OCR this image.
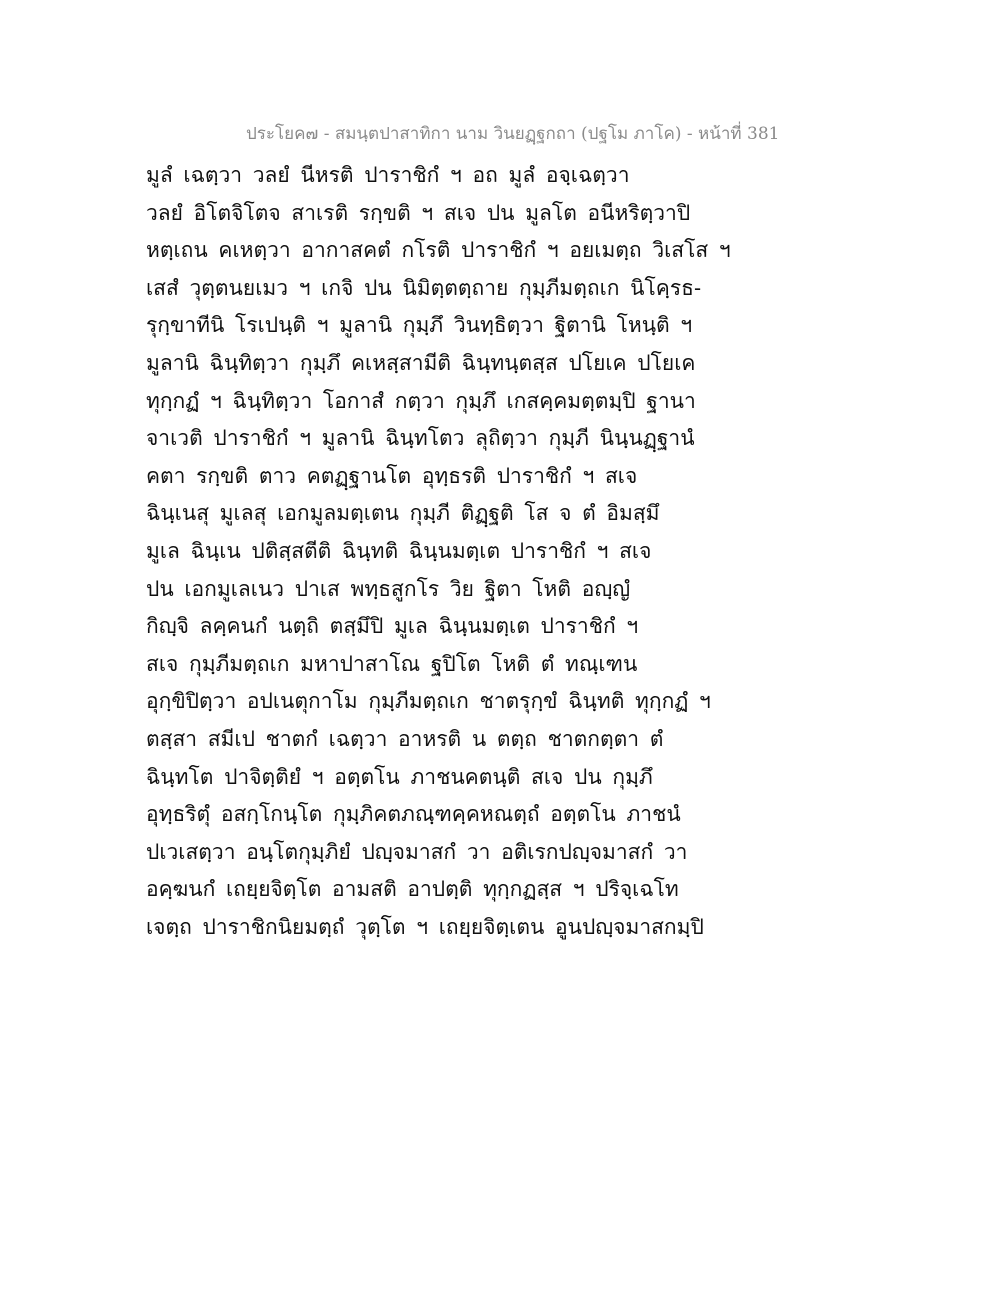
ประโยค๗ - สมนฺตปาสาทิกา นาม วินยฏฺฐกถา (ปฐโม ภาโค) - หน้าที่ 381
มูลํ เฉตฺวา วลยํ นีหรติ ปาราชิกํ ฯ อถ มูลํ อจฺเฉตฺวา
วลยํ อิโตจิโตจ สาเรติ รกฺขติ ฯ สเจ ปน มูลโต อนีหริตฺวาปิ
หตฺเถน คเหตฺวา อากาสคตํ กโรติ ปาราชิกํ ฯ อยเมตฺถ วิเสโส ฯ
เสสํ วุตฺตนยเมว ฯ เกจิ ปน นิมิตฺตตฺถาย กุมฺภีมตฺถเก นิโคฺรธ-
รุกฺขาทีนิ โรเปนฺติ ฯ มูลานิ กุมฺภึ วินทฺธิตฺวา ฐิตานิ โหนฺติ ฯ
มูลานิ ฉินฺทิตฺวา กุมฺภึ คเหสฺสามีติ ฉินฺทนฺตสฺส ปโยเค ปโยเค
ทุกฺกฏํ ฯ ฉินฺทิตฺวา โอกาสํ กตฺวา กุมฺภึ เกสคฺคมตฺตมฺปิ ฐานา
จาเวติ ปาราชิกํ ฯ มูลานิ ฉินฺทโตว ลุถิตฺวา กุมฺภี นินฺนฏฺฐานํ
คตา รกฺขติ ตาว คตฏฺฐานโต อุทฺธรติ ปาราชิกํ ฯ สเจ
ฉินฺเนสุ มูเลสุ เอกมูลมตฺเตน กุมฺภี ติฏฺฐติ โส จ ตํ อิมสฺมึ
มูเล ฉินฺเน ปติสฺสตีติ ฉินฺทติ ฉินฺนมตฺเต ปาราชิกํ ฯ สเจ
ปน เอกมูเลเนว ปาเส พทฺธสูกโร วิย ฐิตา โหติ อญฺญํ
กิญฺจิ ลคฺคนกํ นตฺถิ ตสฺมึปิ มูเล ฉินฺนมตฺเต ปาราชิกํ ฯ
สเจ กุมฺภีมตฺถเก มหาปาสาโณ ฐปิโต โหติ ตํ ทณฺเฑน
อุกฺขิปิตฺวา อปเนตุกาโม กุมฺภีมตฺถเก ชาตรุกฺขํ ฉินฺทติ ทุกฺกฏํ ฯ
ตสฺสา สมีเป ชาตกํ เฉตฺวา อาหรติ น ตตฺถ ชาตกตฺตา ตํ
ฉินฺทโต ปาจิตฺติยํ ฯ อตฺตโน ภาชนคตนฺติ สเจ ปน กุมฺภึ
อุทฺธริตุํ อสกฺโกนฺโต กุมฺภิคตภณฺฑคฺคหณตฺถํ อตฺตโน ภาชนํ
ปเวเสตฺวา อนฺโตกุมฺภิยํ ปญฺจมาสกํ วา อติเรกปญฺจมาสกํ วา
อคฺฆนกํ เถยฺยจิตฺโต อามสติ อาปตฺติ ทุกฺกฏสฺส ฯ ปริจฺเฉโท
เจตฺถ ปาราชิกนิยมตฺถํ วุตฺโต ฯ เถยฺยจิตฺเตน อูนปญฺจมาสกมฺปิ
